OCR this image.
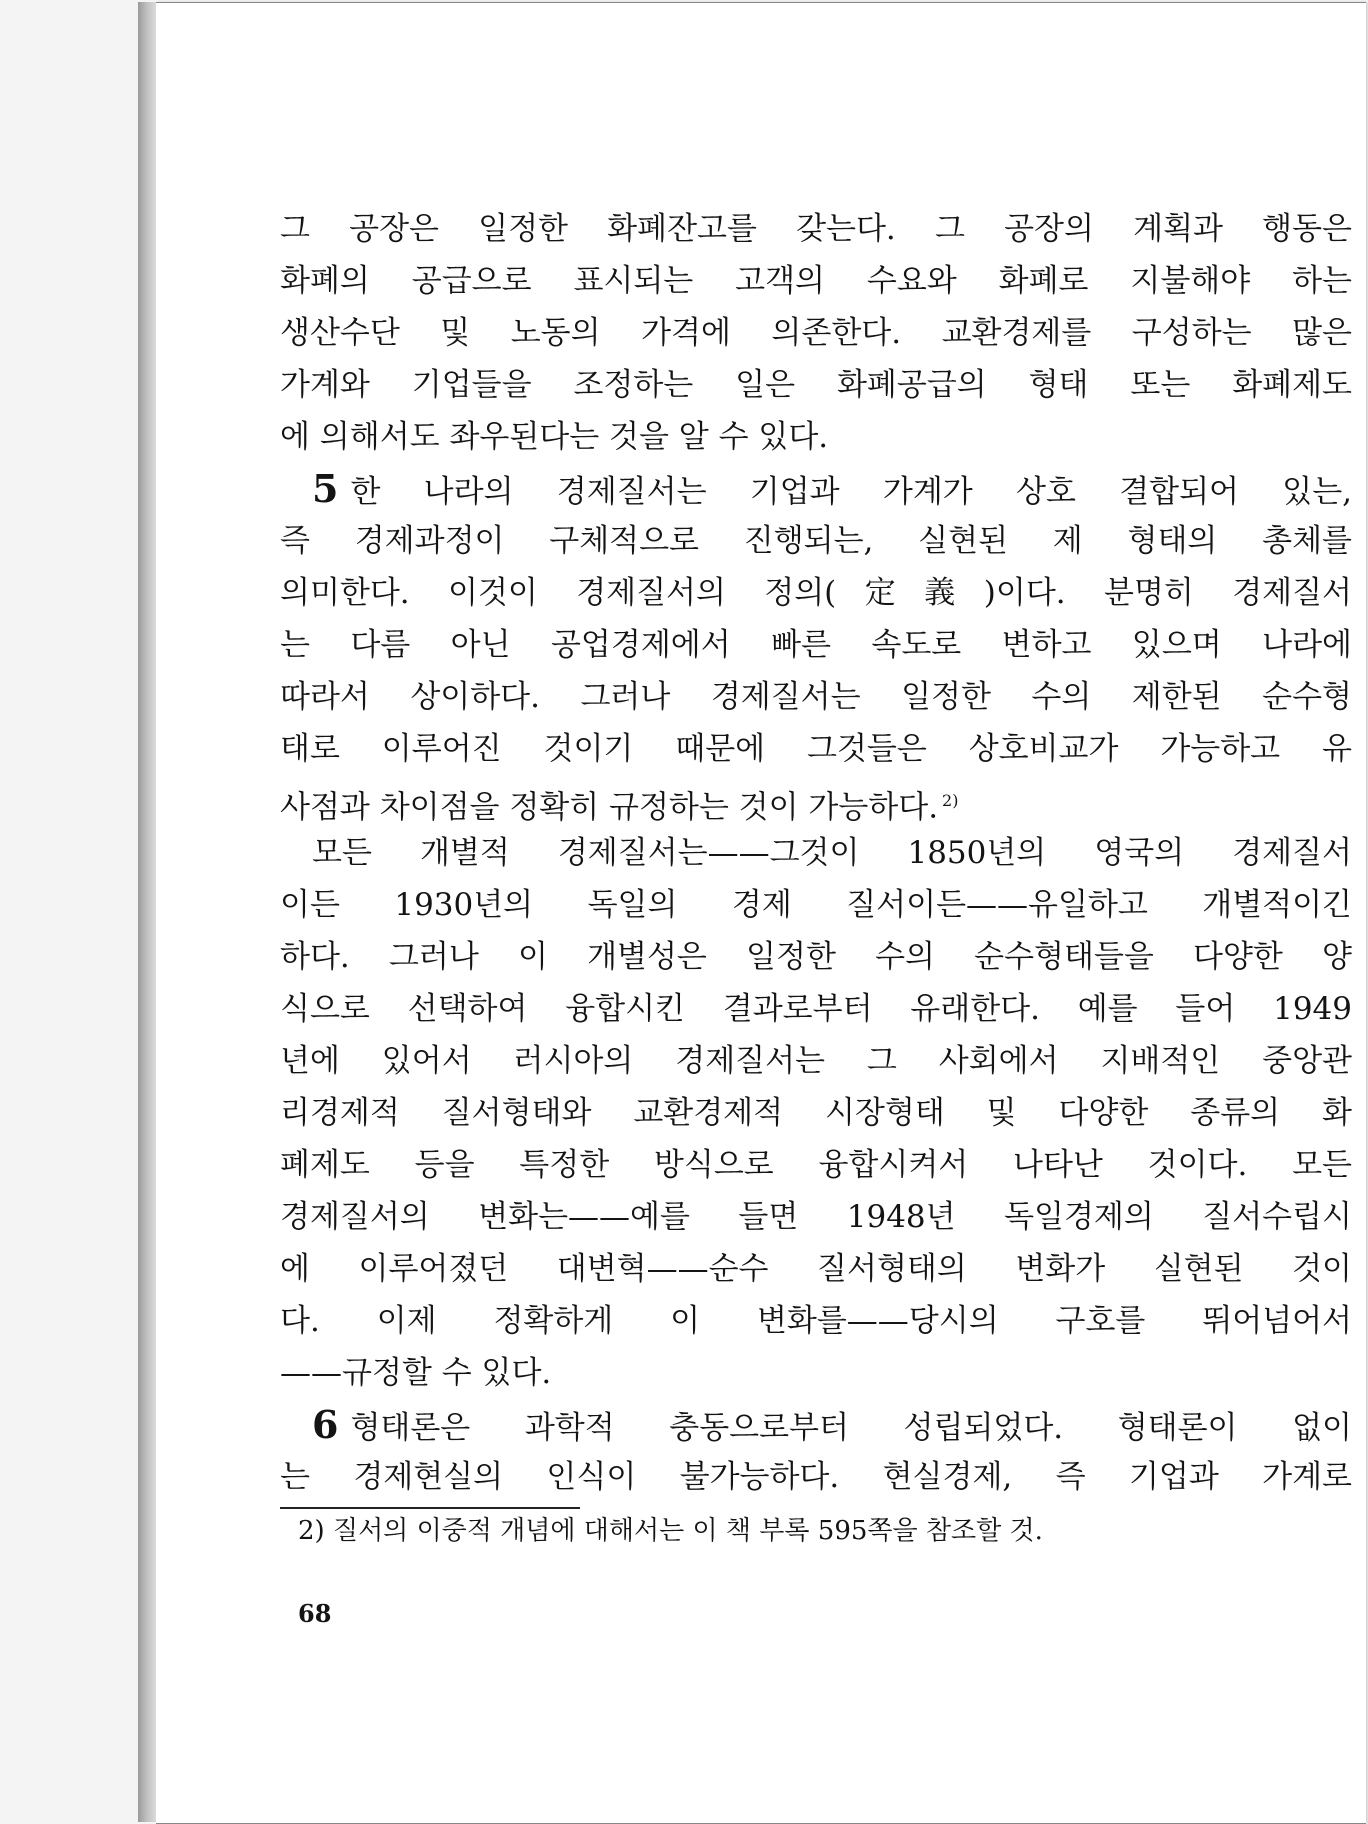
그 공장은 일정한 화폐잔고를 갖는다. 그 공장의 계획과 행동은
화폐의 공급으로 표시되는 고객의 수요와 화폐로 지불해야 하는
생산수단 및 노동의 가격에 의존한다. 교환경제를 구성하는 많은
가계와 기업들을 조정하는 일은 화폐공급의 형태 또는 화폐제도
에 의해서도 좌우된다는 것을 알 수 있다.
5 한 나라의 경제질서는 기업과 가계가 상호 결합되어 있는,
즉 경제과정이 구체적으로 진행되는, 실현된 제 형태의 총체를
의미한다. 이것이 경제질서의 정의(定義)이다. 분명히 경제질서
는 다름 아닌 공업경제에서 빠른 속도로 변하고 있으며 나라에
따라서 상이하다. 그러나 경제질서는 일정한 수의 제한된 순수형
태로 이루어진 것이기 때문에 그것들은 상호비교가 가능하고 유
사점과 차이점을 정확히 규정하는 것이 가능하다. $^{2)}$
모든 개별적 경제질서는——그것이 1850년의 영국의 경제질서
이든 1930년의 독일의 경제 질서이든——유일하고 개별적이긴
하다. 그러나 이 개별성은 일정한 수의 순수형태들을 다양한 양
식으로 선택하여 융합시킨 결과로부터 유래한다. 예를 들어 1949
년에 있어서 러시아의 경제질서는 그 사회에서 지배적인 중앙관
리경제적 질서형태와 교환경제적 시장형태 및 다양한 종류의 화
폐제도 등을 특정한 방식으로 융합시켜서 나타난 것이다. 모든
경제질서의 변화는——예를 들면 1948년 독일경제의 질서수립시
에 이루어졌던 대변혁——순수 질서형태의 변화가 실현된 것이
다. 이제 정확하게 이 변화를——당시의 구호를 뛰어넘어서
——규정할 수 있다.
6 형태론은 과학적 충동으로부터 성립되었다. 형태론이 없이
는 경제현실의 인식이 불가능하다. 현실경제, 즉 기업과 가계로
2) 질서의 이중적 개념에 대해서는 이 책 부록 595쪽을 참조할 것.
68
